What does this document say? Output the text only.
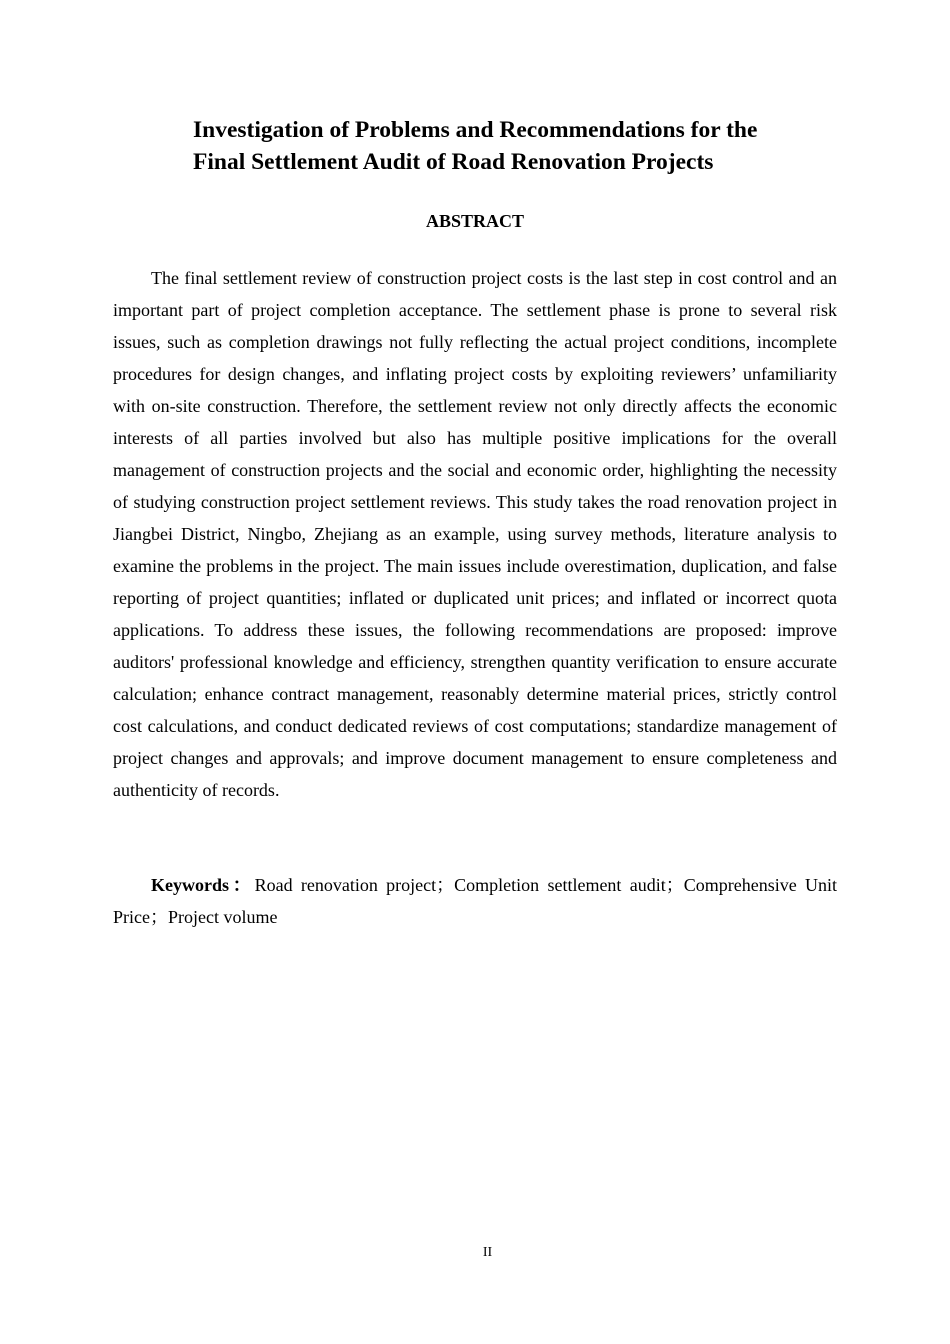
Investigation of Problems and Recommendations for the
Final Settlement Audit of Road Renovation Projects
ABSTRACT

The final settlement review of construction project costs is the last step in cost control and an important part of project completion acceptance. The settlement phase is prone to several risk issues, such as completion drawings not fully reflecting the actual project conditions, incomplete procedures for design changes, and inflating project costs by exploiting reviewers’ unfamiliarity with on-site construction. Therefore, the settlement review not only directly affects the economic interests of all parties involved but also has multiple positive implications for the overall management of construction projects and the social and economic order, highlighting the necessity of studying construction project settlement reviews. This study takes the road renovation project in Jiangbei District, Ningbo, Zhejiang as an example, using survey methods, literature analysis to examine the problems in the project. The main issues include overestimation, duplication, and false reporting of project quantities; inflated or duplicated unit prices; and inflated or incorrect quota applications. To address these issues, the following recommendations are proposed: improve auditors' professional knowledge and efficiency, strengthen quantity verification to ensure accurate calculation; enhance contract management, reasonably determine material prices, strictly control cost calculations, and conduct dedicated reviews of cost computations; standardize management of project changes and approvals; and improve document management to ensure completeness and authenticity of records.

Keywords：Road renovation project；Completion settlement audit；Comprehensive Unit Price；Project volume

II
